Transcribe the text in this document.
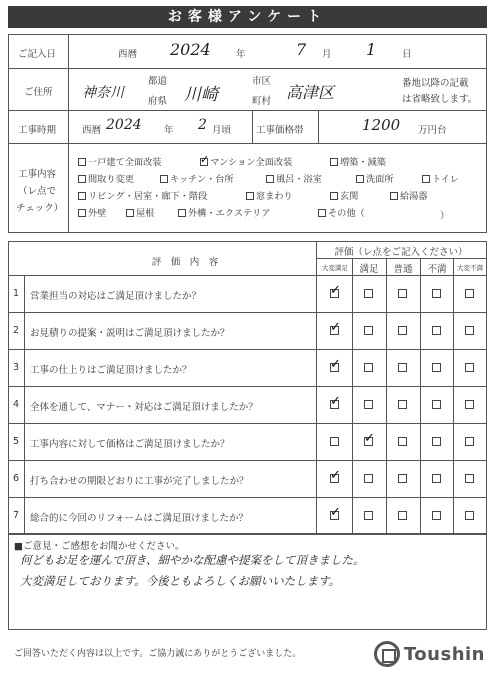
お客様アンケート
ご記入日	西暦 2024	年	7 月 1	日
ご住所 神奈川
都道
府県 川崎
市区
町村 高津区	番地以降の記載
は省略致します。
工事時期	西暦 2024 年 2 月頃	工事価格帯	1200 万円台
工事内容
（レ点で
チェック）
一戸建て全面改装
✓	マンション全面改装	増築・減築
間取り変更	キッチン・台所	風呂・浴室	洗面所	トイレ
リビング・居室・廊下・階段	窓まわり	玄関	給湯器
外壁	屋根	外構・エクステリア	その他（	）
評　価　内　容
評価（レ点をご記入ください）
大変満足	満足	普通	不満	大変不満
1	営業担当の対応はご満足頂けましたか？
✓
2	お見積りの提案・説明はご満足頂けましたか？
✓
3	工事の仕上りはご満足頂けましたか？
✓
4	全体を通して、マナー・対応はご満足頂けましたか？
✓
5	工事内容に対して価格はご満足頂けましたか？
✓
6	打ち合わせの期限どおりに工事が完了しましたか？
✓
7	総合的に今回のリフォームはご満足頂けましたか？
✓
■ご意見・ご感想をお聞かせください。
何どもお足を運んで頂き、細やかな配慮や提案をして頂きました。
大変満足しております。今後ともよろしくお願いいたします。
ご回答いただく内容は以上です。ご協力誠にありがとうございました。	Toushin
